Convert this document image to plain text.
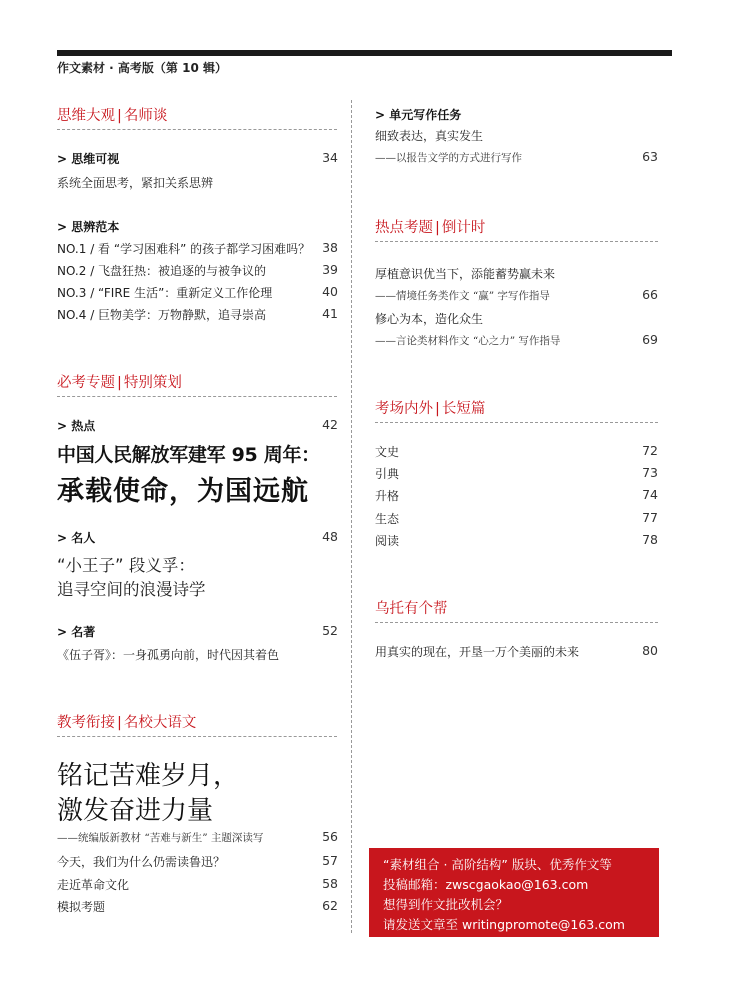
作文素材 · 高考版（第 10 辑）
思维大观 | 名师谈
> 思维可视	34
系统全面思考，紧扣关系思辨
> 思辨范本
NO.1 / 看 “学习困难科” 的孩子都学习困难吗？ 38
NO.2 / 飞盘狂热：被追逐的与被争议的	39
NO.3 / “FIRE 生活”：重新定义工作伦理	40
NO.4 / 巨物美学：万物静默，追寻崇高	41
必考专题 | 特别策划
> 热点	42
中国人民解放军建军 95 周年：
承载使命，为国远航
> 名人	48
“小王子” 段义孚：
追寻空间的浪漫诗学
> 名著	52
《伍子胥》：一身孤勇向前，时代因其着色
教考衔接 | 名校大语文
铭记苦难岁月，
激发奋进力量
——统编版新教材 “苦难与新生” 主题深读写	56
今天，我们为什么仍需读鲁迅？	57
走近革命文化	58
模拟考题	62
> 单元写作任务
细致表达，真实发生
——以报告文学的方式进行写作	63
热点考题 | 倒计时
厚植意识优当下，添能蓄势赢未来
——情境任务类作文 “赢” 字写作指导	66
修心为本，造化众生
——言论类材料作文 “心之力” 写作指导	69
考场内外 | 长短篇
文史	72
引典	73
升格	74
生态	77
阅读	78
乌托有个帮
用真实的现在，开垦一万个美丽的未来	80
“素材组合 · 高阶结构” 版块、优秀作文等
投稿邮箱：zwscgaokao@163.com
想得到作文批改机会？
请发送文章至 writingpromote@163.com
